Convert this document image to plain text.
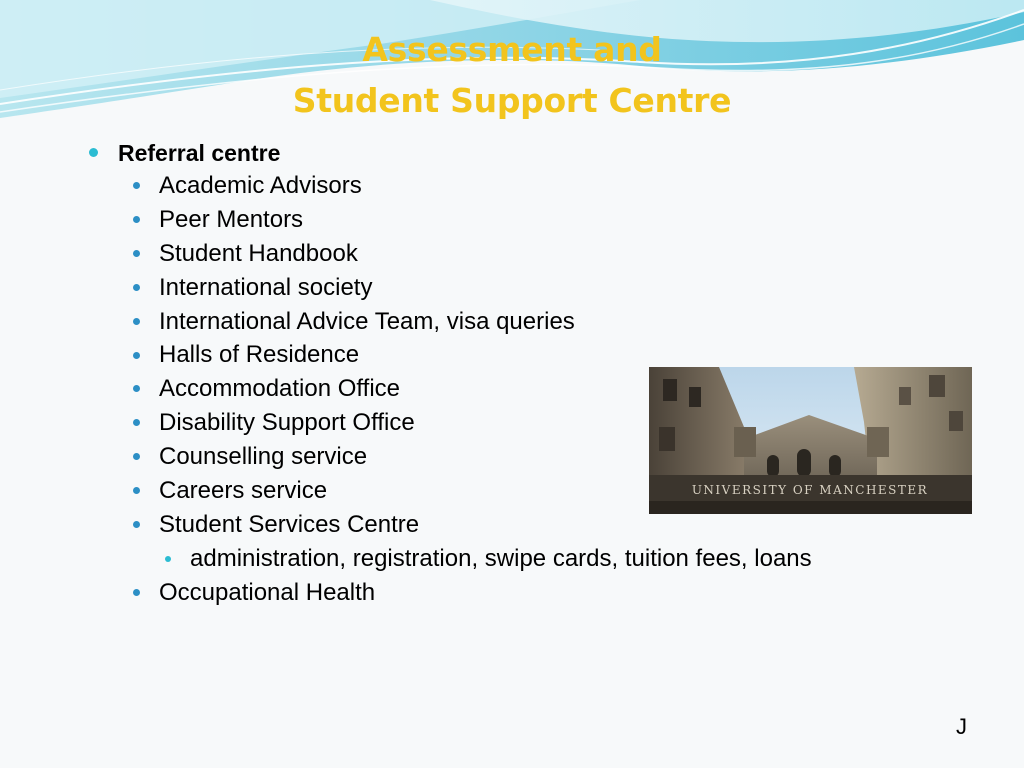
Assessment and
Student Support Centre
Referral centre
Academic Advisors
Peer Mentors
Student Handbook
International society
International Advice Team, visa queries
Halls of Residence
Accommodation Office
Disability Support Office
Counselling service
Careers service
Student Services Centre
administration, registration, swipe cards, tuition fees, loans
Occupational Health
UNIVERSITY OF MANCHESTER
J
